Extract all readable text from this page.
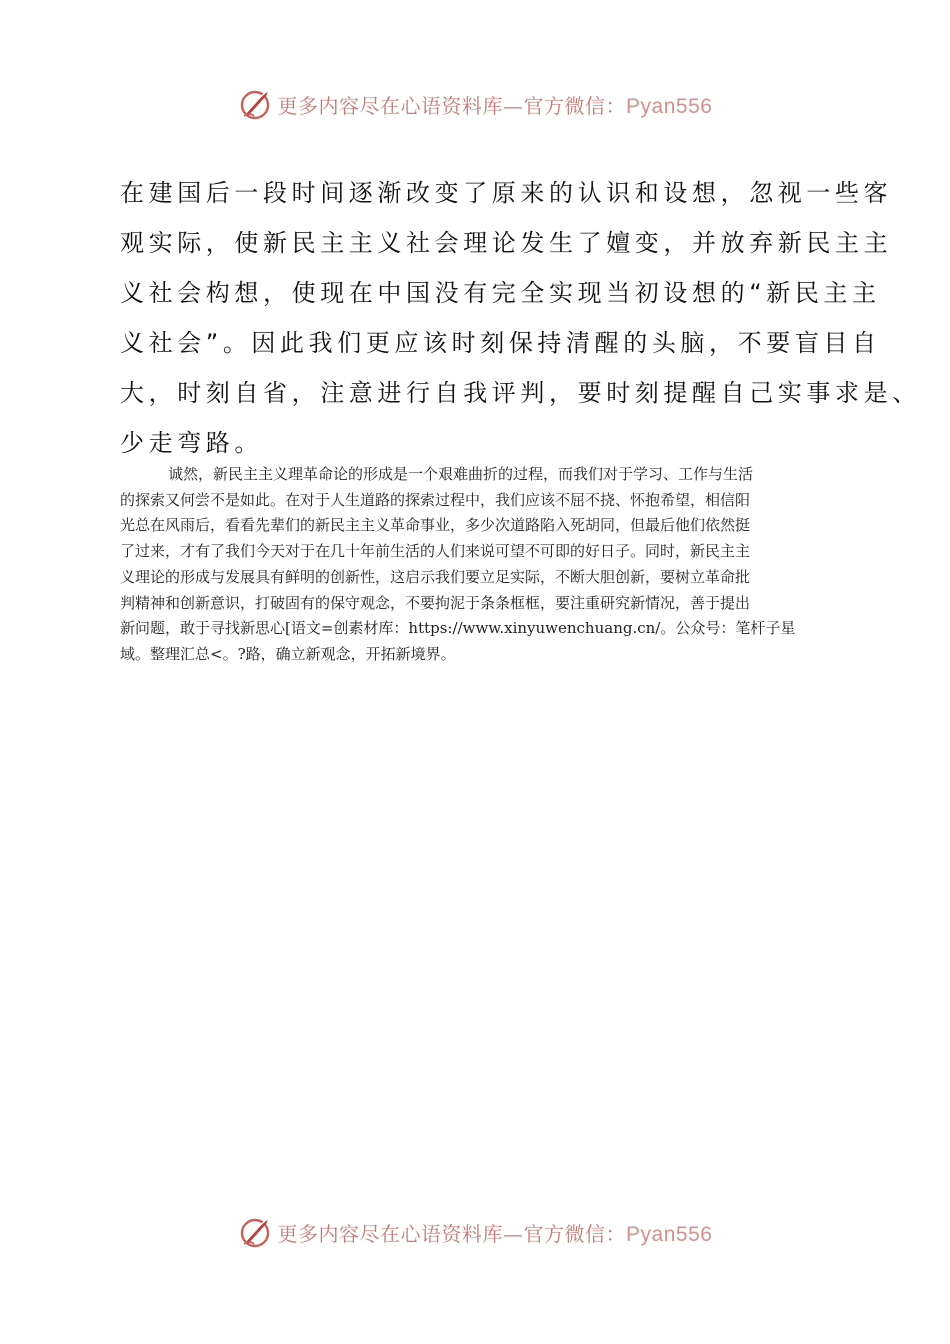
更多内容尽在心语资料库—官方微信：Pyan556
在建国后一段时间逐渐改变了原来的认识和设想，忽视一些客
观实际，使新民主主义社会理论发生了嬗变，并放弃新民主主
义社会构想，使现在中国没有完全实现当初设想的“新民主主
义社会”。因此我们更应该时刻保持清醒的头脑，不要盲目自
大，时刻自省，注意进行自我评判，要时刻提醒自己实事求是、
少走弯路。
诚然，新民主主义理革命论的形成是一个艰难曲折的过程，而我们对于学习、工作与生活
的探索又何尝不是如此。在对于人生道路的探索过程中，我们应该不屈不挠、怀抱希望，相信阳
光总在风雨后，看看先辈们的新民主主义革命事业，多少次道路陷入死胡同，但最后他们依然挺
了过来，才有了我们今天对于在几十年前生活的人们来说可望不可即的好日子。同时，新民主主
义理论的形成与发展具有鲜明的创新性，这启示我们要立足实际，不断大胆创新，要树立革命批
判精神和创新意识，打破固有的保守观念，不要拘泥于条条框框，要注重研究新情况，善于提出
新问题，敢于寻找新思心[语文=创素材库：https://www.xinyuwenchuang.cn/。公众号：笔杆子星
域。整理汇总<。?路，确立新观念，开拓新境界。
更多内容尽在心语资料库—官方微信：Pyan556
